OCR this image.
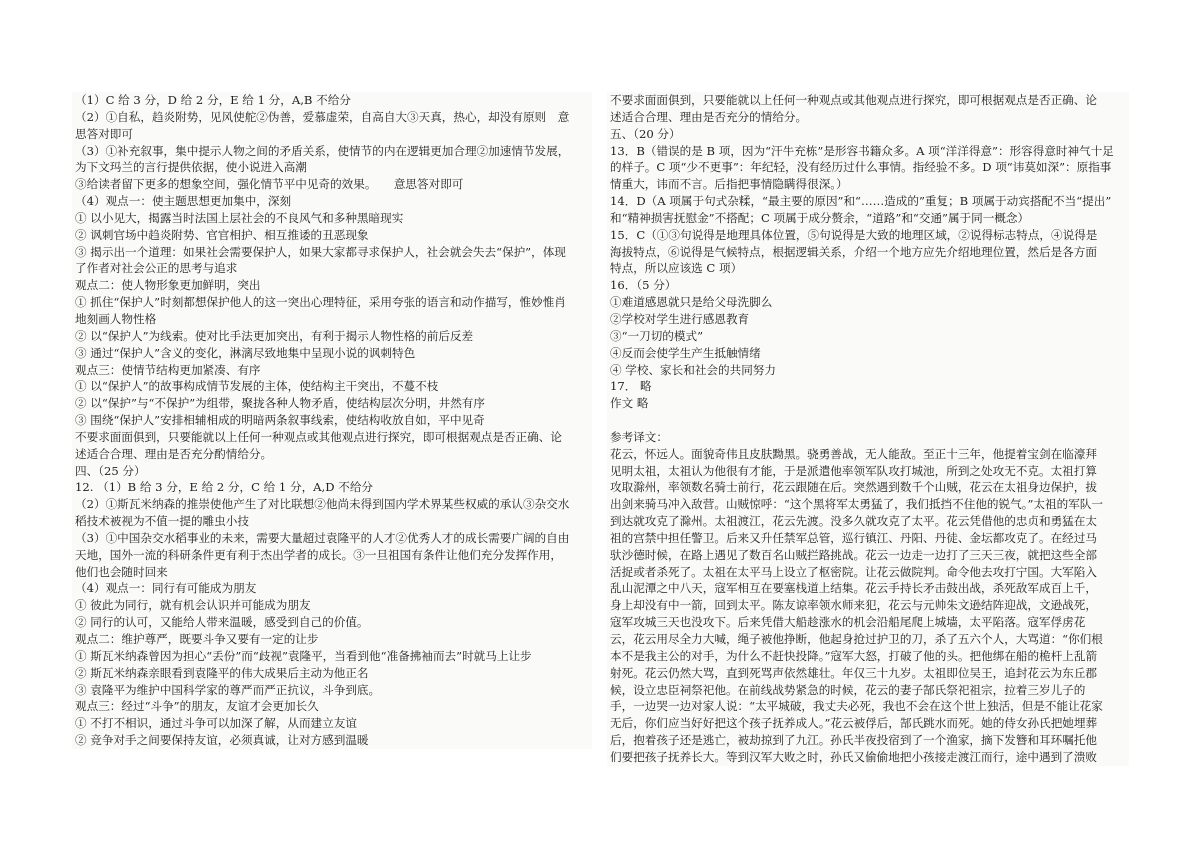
（1）C 给 3 分，D 给 2 分，E 给 1 分，A,B 不给分
（2）①自私，趋炎附势，见风使舵②伪善，爱慕虚荣，自高自大③天真，热心，却没有原则　意
思答对即可
（3）①补充叙事，集中提示人物之间的矛盾关系，使情节的内在逻辑更加合理②加速情节发展，
为下文玛兰的言行提供依据，使小说进入高潮
③给读者留下更多的想象空间，强化情节平中见奇的效果。　　意思答对即可
（4）观点一：使主题思想更加集中，深刻
① 以小见大，揭露当时法国上层社会的不良风气和多种黑暗现实
② 讽刺官场中趋炎附势、官官相护、相互推诿的丑恶现象
③ 揭示出一个道理：如果社会需要保护人，如果大家都寻求保护人，社会就会失去“保护”，体现
了作者对社会公正的思考与追求
观点二：使人物形象更加鲜明，突出
① 抓住“保护人”时刻都想保护他人的这一突出心理特征，采用夸张的语言和动作描写，惟妙惟肖
地刻画人物性格
② 以“保护人”为线索。使对比手法更加突出，有利于揭示人物性格的前后反差
③ 通过“保护人”含义的变化，淋漓尽致地集中呈现小说的讽刺特色
观点三：使情节结构更加紧凑、有序
① 以“保护人”的故事构成情节发展的主体，使结构主干突出，不蔓不枝
② 以“保护”与“不保护”为组带，聚拢各种人物矛盾，使结构层次分明，井然有序
③ 围绕“保护人”安排相辅相成的明暗两条叙事线索，使结构收放自如，平中见奇
不要求面面俱到，只要能就以上任何一种观点或其他观点进行探究，即可根据观点是否正确、论
述适合合理、理由是否充分酌情给分。
四、（25 分）
12. （1）B 给 3 分，E 给 2 分，C 给 1 分，A,D 不给分
（2）①斯瓦米纳森的推崇使他产生了对比联想②他尚未得到国内学术界某些权威的承认③杂交水
稻技术被视为不值一提的雕虫小技
（3）①中国杂交水稻事业的未来，需要大量超过袁隆平的人才②优秀人才的成长需要广阔的自由
天地，国外一流的科研条件更有利于杰出学者的成长。③一旦祖国有条件让他们充分发挥作用，
他们也会随时回来
（4）观点一：同行有可能成为朋友
① 彼此为同行，就有机会认识并可能成为朋友
② 同行的认可，又能给人带来温暖，感受到自己的价值。
观点二：维护尊严，既要斗争又要有一定的让步
① 斯瓦米纳森曾因为担心“丢份”而“歧视”袁隆平，当看到他“准备拂袖而去”时就马上让步
② 斯瓦米纳森亲眼看到袁隆平的伟大成果后主动为他正名
③ 袁隆平为维护中国科学家的尊严而严正抗议，斗争到底。
观点三：经过“斗争”的朋友，友谊才会更加长久
① 不打不相识，通过斗争可以加深了解，从而建立友谊
② 竞争对手之间要保持友谊，必须真诚，让对方感到温暖
不要求面面俱到，只要能就以上任何一种观点或其他观点进行探究，即可根据观点是否正确、论
述适合合理、理由是否充分的情给分。
五、（20 分）
13．B（错误的是 B 项，因为“汗牛充栋”是形容书籍众多。A 项“洋洋得意”：形容得意时神气十足
的样子。C 项“少不更事”：年纪轻，没有经历过什么事情。指经验不多。D 项“讳莫如深”：原指事
情重大，讳而不言。后指把事情隐瞒得很深。）
14．D（A 项属于句式杂糅，“最主要的原因”和“……造成的”重复；B 项属于动宾搭配不当“提出”
和“精神损害抚慰金”不搭配；C 项属于成分赘余，“道路”和“交通”属于同一概念）
15．C（①③句说得是地理具体位置，⑤句说得是大致的地理区域，②说得标志特点，④说得是
海拔特点，⑥说得是气候特点，根据逻辑关系，介绍一个地方应先介绍地理位置，然后是各方面
特点，所以应该选 C 项）
16．（5 分）
①难道感恩就只是给父母洗脚么
②学校对学生进行感恩教育
③“一刀切的模式”
④反而会使学生产生抵触情绪
④ 学校、家长和社会的共同努力
17． 略
作文 略
参考译文：
花云，怀远人。面貌奇伟且皮肤黝黑。骁勇善战，无人能敌。至正十三年，他提着宝剑在临濠拜
见明太祖，太祖认为他很有才能，于是派遣他率领军队攻打城池，所到之处攻无不克。太祖打算
攻取滁州，率领数名骑士前行，花云跟随在后。突然遇到数千个山贼，花云在太祖身边保护，拔
出剑来骑马冲入敌营。山贼惊呼：“这个黑将军太勇猛了，我们抵挡不住他的锐气。”太祖的军队一
到达就攻克了滁州。太祖渡江，花云先渡。没多久就攻克了太平。花云凭借他的忠贞和勇猛在太
祖的宫禁中担任警卫。后来又升任禁军总管，巡行镇江、丹阳、丹徒、金坛都攻克了。在经过马
驮沙德时候，在路上遇见了数百名山贼拦路挑战。花云一边走一边打了三天三夜，就把这些全部
活捉或者杀死了。太祖在太平马上设立了枢密院。让花云做院判。命令他去攻打宁国。大军陷入
乱山泥潭之中八天，寇军相互在要塞栈道上结集。花云手持长矛击鼓出战，杀死敌军成百上千，
身上却没有中一箭，回到太平。陈友谅率领水师来犯，花云与元帅朱文逊结阵迎战，文逊战死，
寇军攻城三天也没攻下。后来凭借大船趁涨水的机会沿船尾爬上城墙，太平陷落。寇军俘虏花
云，花云用尽全力大喊，绳子被他挣断，他起身抢过护卫的刀，杀了五六个人，大骂道：“你们根
本不是我主公的对手，为什么不赶快投降。”寇军大怒，打破了他的头。把他绑在船的桅杆上乱箭
射死。花云仍然大骂，直到死骂声依然雄壮。年仅三十九岁。太祖即位吴王，追封花云为东丘郡
候，设立忠臣祠祭祀他。在前线战势紧急的时候，花云的妻子郜氏祭祀祖宗，拉着三岁儿子的
手，一边哭一边对家人说：“太平城破，我丈夫必死，我也不会在这个世上独活，但是不能让花家
无后，你们应当好好把这个孩子抚养成人。”花云被俘后，郜氏跳水而死。她的侍女孙氏把她埋葬
后，抱着孩子还是逃亡，被劫掠到了九江。孙氏半夜投宿到了一个渔家，摘下发簪和耳环嘱托他
们要把孩子抚养长大。等到汉军大败之时，孙氏又偷偷地把小孩接走渡江而行，途中遇到了溃败
